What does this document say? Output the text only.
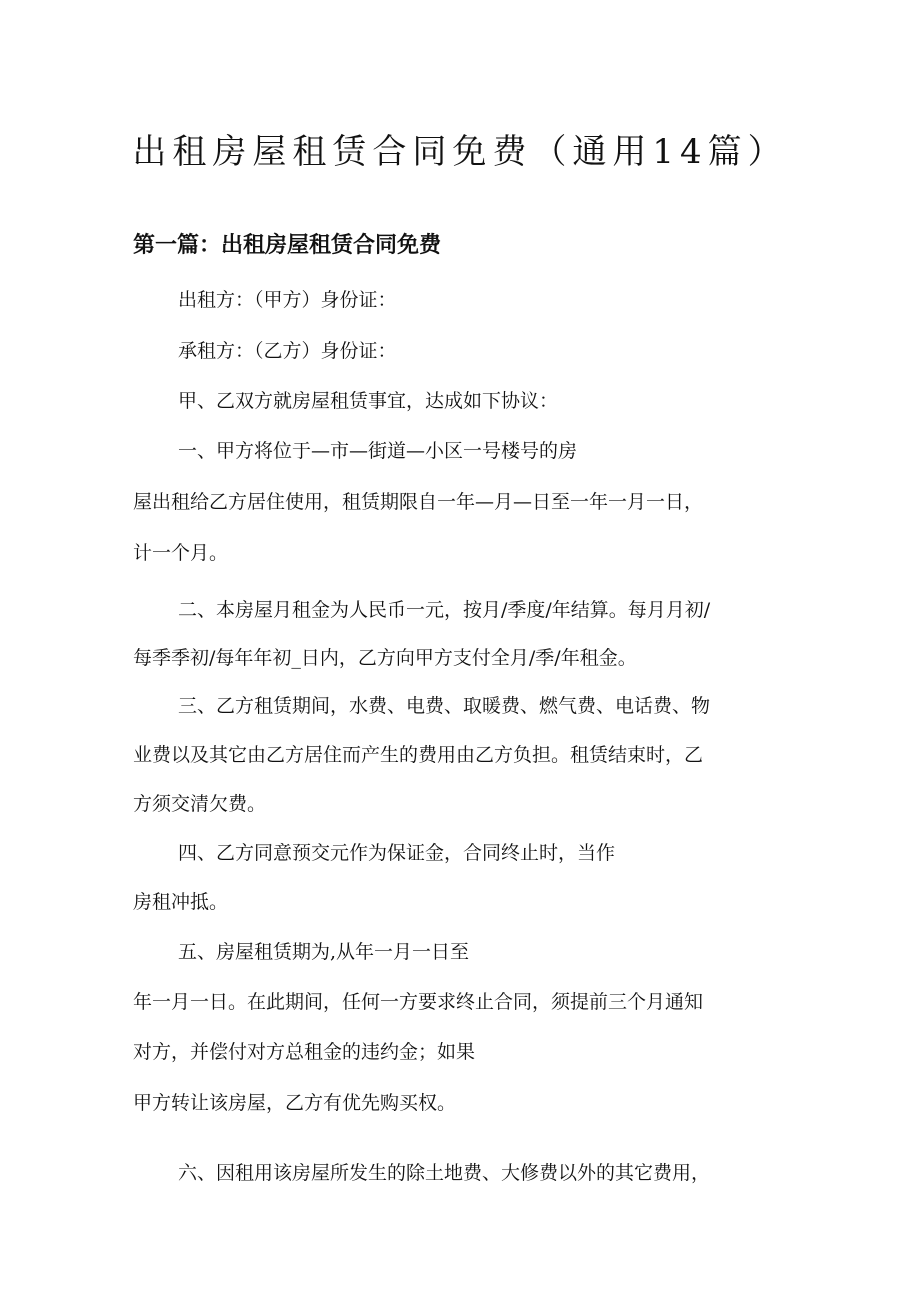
出租房屋租赁合同免费（通用14篇）
第一篇：出租房屋租赁合同免费
出租方：（甲方）身份证：
承租方：（乙方）身份证：
甲、乙双方就房屋租赁事宜，达成如下协议：
一、甲方将位于—市—街道—小区一号楼号的房
屋出租给乙方居住使用，租赁期限自一年—月—日至一年一月一日，
计一个月。
二、本房屋月租金为人民币一元，按月/季度/年结算。每月月初/
每季季初/每年年初_日内，乙方向甲方支付全月/季/年租金。
三、乙方租赁期间，水费、电费、取暖费、燃气费、电话费、物
业费以及其它由乙方居住而产生的费用由乙方负担。租赁结束时，乙
方须交清欠费。
四、乙方同意预交元作为保证金，合同终止时，当作
房租冲抵。
五、房屋租赁期为,从年一月一日至
年一月一日。在此期间，任何一方要求终止合同，须提前三个月通知
对方，并偿付对方总租金的违约金；如果
甲方转让该房屋，乙方有优先购买权。
六、因租用该房屋所发生的除土地费、大修费以外的其它费用，
